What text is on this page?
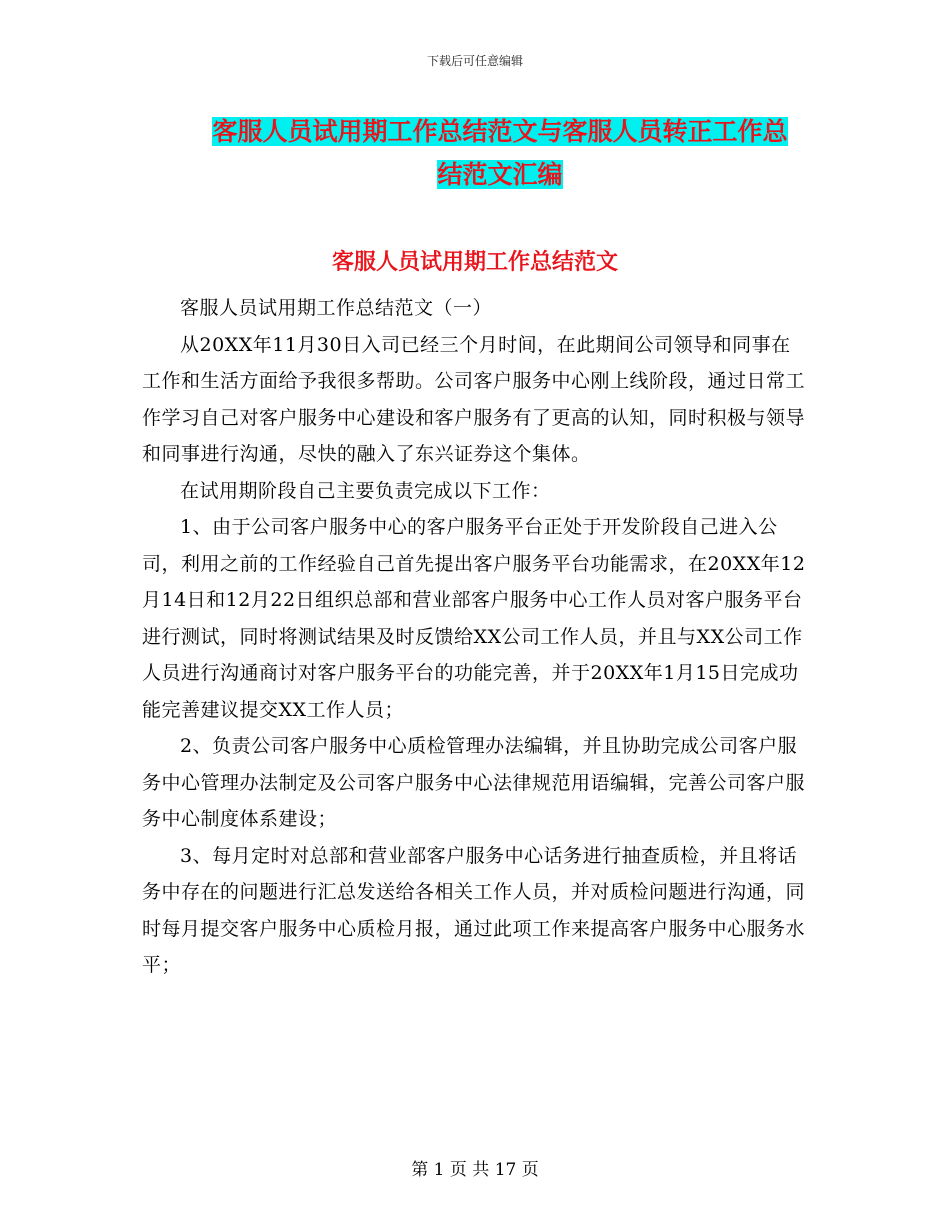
下载后可任意编辑
客服人员试用期工作总结范文与客服人员转正工作总
结范文汇编
客服人员试用期工作总结范文

客服人员试用期工作总结范文（一）

从20XX年11月30日入司已经三个月时间，在此期间公司领导和同事在工作和生活方面给予我很多帮助。公司客户服务中心刚上线阶段，通过日常工作学习自己对客户服务中心建设和客户服务有了更高的认知，同时积极与领导和同事进行沟通，尽快的融入了东兴证券这个集体。

在试用期阶段自己主要负责完成以下工作：

1、由于公司客户服务中心的客户服务平台正处于开发阶段自己进入公司，利用之前的工作经验自己首先提出客户服务平台功能需求，在20XX年12月14日和12月22日组织总部和营业部客户服务中心工作人员对客户服务平台进行测试，同时将测试结果及时反馈给XX公司工作人员，并且与XX公司工作人员进行沟通商讨对客户服务平台的功能完善，并于20XX年1月15日完成功能完善建议提交XX工作人员；

2、负责公司客户服务中心质检管理办法编辑，并且协助完成公司客户服务中心管理办法制定及公司客户服务中心法律规范用语编辑，完善公司客户服务中心制度体系建设；

3、每月定时对总部和营业部客户服务中心话务进行抽查质检，并且将话务中存在的问题进行汇总发送给各相关工作人员，并对质检问题进行沟通，同时每月提交客户服务中心质检月报，通过此项工作来提高客户服务中心服务水平；

第 1 页 共 17 页
